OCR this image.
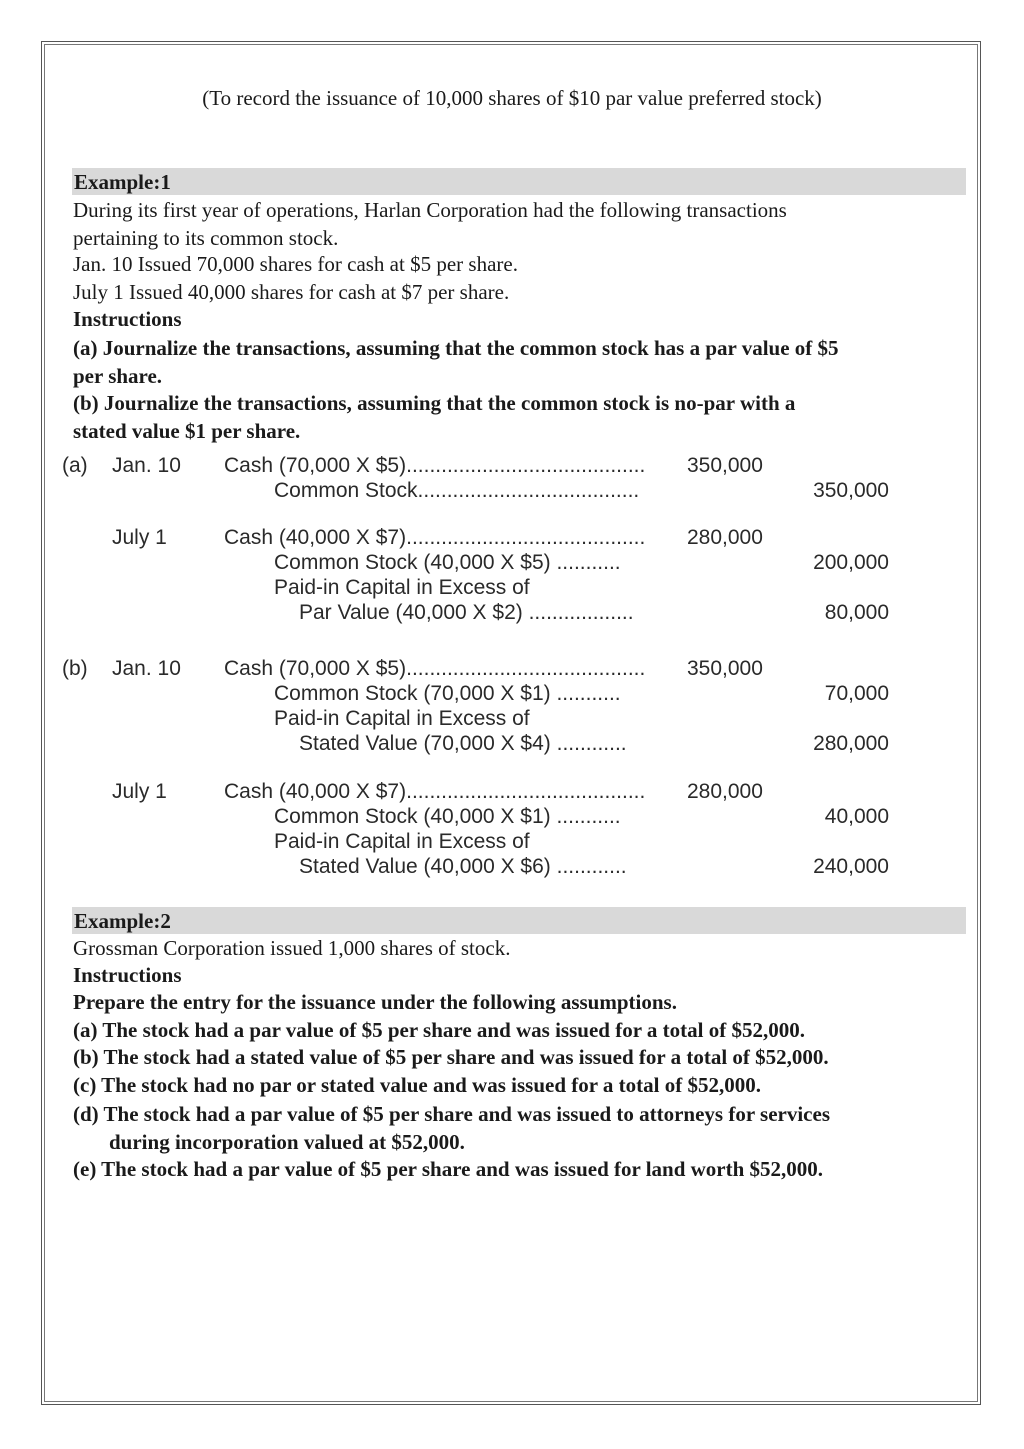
(To record the issuance of 10,000 shares of $10 par value preferred stock)
Example:1
During its first year of operations, Harlan Corporation had the following transactions
pertaining to its common stock.
Jan. 10 Issued 70,000 shares for cash at $5 per share.
July 1 Issued 40,000 shares for cash at $7 per share.
Instructions
(a) Journalize the transactions, assuming that the common stock has a par value of $5
per share.
(b) Journalize the transactions, assuming that the common stock is no-par with a
stated value $1 per share.
(a) Jan. 10 Cash (70,000 X $5)......................................... 350,000
Common Stock......................................	350,000
July 1	Cash (40,000 X $7)......................................... 280,000
Common Stock (40,000 X $5) ...........	200,000
Paid-in Capital in Excess of
Par Value (40,000 X $2) ..................	80,000
(b) Jan. 10 Cash (70,000 X $5)......................................... 350,000
Common Stock (70,000 X $1) ...........	70,000
Paid-in Capital in Excess of
Stated Value (70,000 X $4) ............	280,000
July 1	Cash (40,000 X $7)......................................... 280,000
Common Stock (40,000 X $1) ...........	40,000
Paid-in Capital in Excess of
Stated Value (40,000 X $6) ............	240,000
Example:2
Grossman Corporation issued 1,000 shares of stock.
Instructions
Prepare the entry for the issuance under the following assumptions.
(a) The stock had a par value of $5 per share and was issued for a total of $52,000.
(b) The stock had a stated value of $5 per share and was issued for a total of $52,000.
(c) The stock had no par or stated value and was issued for a total of $52,000.
(d) The stock had a par value of $5 per share and was issued to attorneys for services
during incorporation valued at $52,000.
(e) The stock had a par value of $5 per share and was issued for land worth $52,000.
